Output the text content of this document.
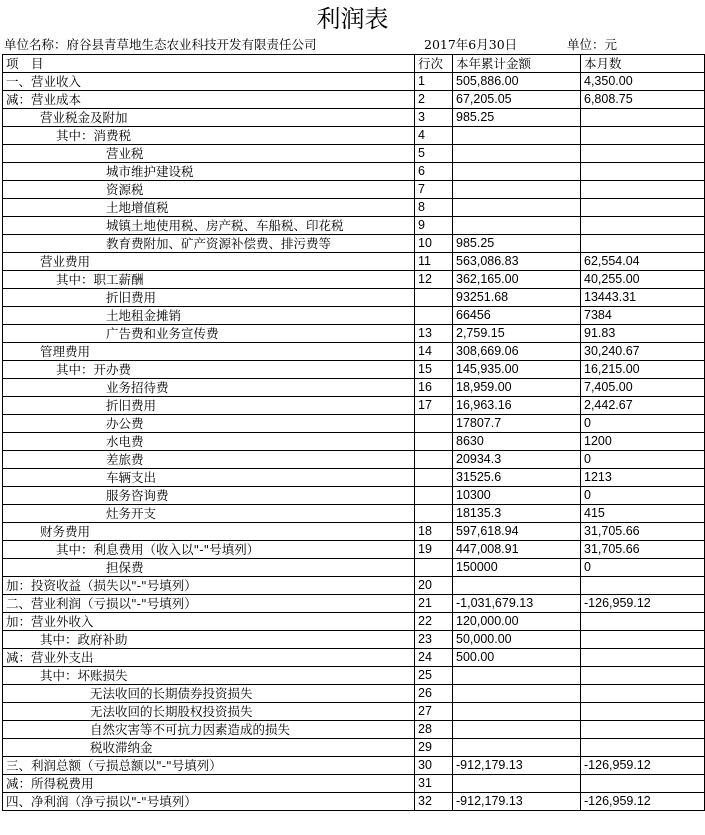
利润表
单位名称：府谷县青草地生态农业科技开发有限责任公司	2017年6月30日	单位：元
项　目	行次	本年累计金额	本月数
一、营业收入	1	505,886.00	4,350.00
减：营业成本	2	67,205.05	6,808.75
营业税金及附加	3	985.25	
其中：消费税	4		
营业税	5		
城市维护建设税	6		
资源税	7		
土地增值税	8		
城镇土地使用税、房产税、车船税、印花税	9		
教育费附加、矿产资源补偿费、排污费等	10	985.25	
营业费用	11	563,086.83	62,554.04
其中：职工薪酬	12	362,165.00	40,255.00
折旧费用		93251.68	13443.31
土地租金摊销		66456	7384
广告费和业务宣传费	13	2,759.15	91.83
管理费用	14	308,669.06	30,240.67
其中：开办费	15	145,935.00	16,215.00
业务招待费	16	18,959.00	7,405.00
折旧费用	17	16,963.16	2,442.67
办公费		17807.7	0
水电费		8630	1200
差旅费		20934.3	0
车辆支出		31525.6	1213
服务咨询费		10300	0
灶务开支		18135.3	415
财务费用	18	597,618.94	31,705.66
其中：利息费用（收入以"-"号填列）	19	447,008.91	31,705.66
担保费		150000	0
加：投资收益（损失以"-"号填列）	20		
二、营业利润（亏损以"-"号填列）	21	-1,031,679.13	-126,959.12
加：营业外收入	22	120,000.00	
其中：政府补助	23	50,000.00	
减：营业外支出	24	500.00	
其中：坏账损失	25		
无法收回的长期债券投资损失	26		
无法收回的长期股权投资损失	27		
自然灾害等不可抗力因素造成的损失	28		
税收滞纳金	29		
三、利润总额（亏损总额以"-"号填列）	30	-912,179.13	-126,959.12
减：所得税费用	31		
四、净利润（净亏损以"-"号填列）	32	-912,179.13	-126,959.12
